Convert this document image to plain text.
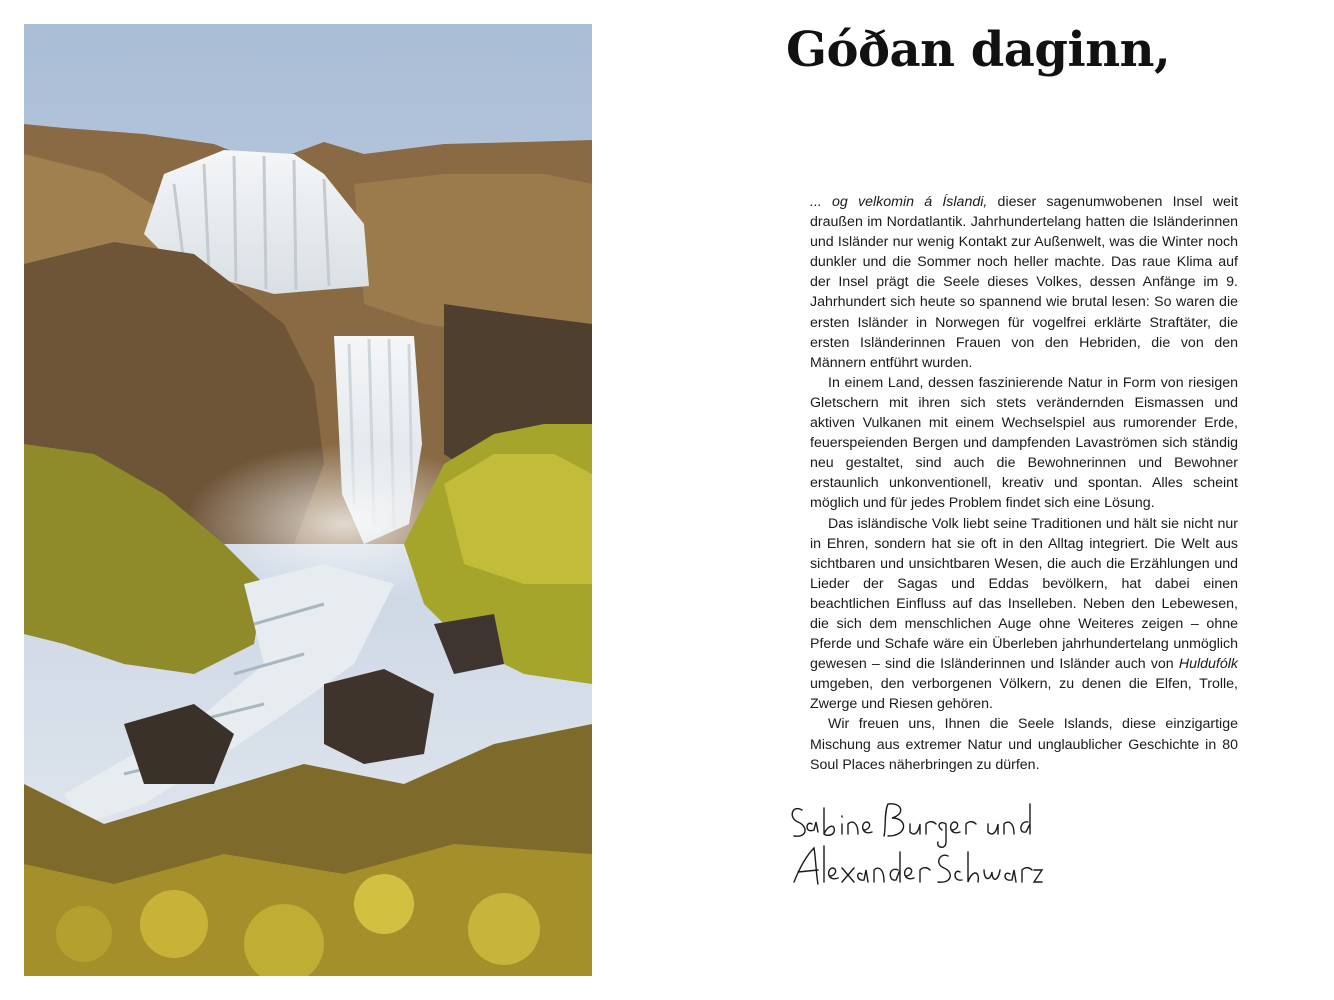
Góðan daginn,

... og velkomin á Íslandi, dieser sagenumwobenen Insel weit draußen im Nordatlantik. Jahrhundertelang hatten die Isländerinnen und Isländer nur wenig Kontakt zur Außenwelt, was die Winter noch dunkler und die Sommer noch heller machte. Das raue Klima auf der Insel prägt die Seele dieses Volkes, dessen Anfänge im 9. Jahrhundert sich heute so spannend wie brutal lesen: So waren die ersten Isländer in Norwegen für vogelfrei erklärte Straftäter, die ersten Isländerinnen Frauen von den Hebriden, die von den Männern entführt wurden.

In einem Land, dessen faszinierende Natur in Form von riesigen Gletschern mit ihren sich stets verändernden Eismassen und aktiven Vulkanen mit einem Wechselspiel aus rumorender Erde, feuerspeienden Bergen und dampfenden Lavaströmen sich ständig neu gestaltet, sind auch die Bewohnerinnen und Bewohner erstaunlich unkonventionell, kreativ und spontan. Alles scheint möglich und für jedes Problem findet sich eine Lösung.

Das isländische Volk liebt seine Traditionen und hält sie nicht nur in Ehren, sondern hat sie oft in den Alltag integriert. Die Welt aus sichtbaren und unsichtbaren Wesen, die auch die Erzählungen und Lieder der Sagas und Eddas bevölkern, hat dabei einen beachtlichen Einfluss auf das Inselleben. Neben den Lebewesen, die sich dem menschlichen Auge ohne Weiteres zeigen – ohne Pferde und Schafe wäre ein Überleben jahrhundertelang unmöglich gewesen – sind die Isländerinnen und Isländer auch von Huldufólk umgeben, den verborgenen Völkern, zu denen die Elfen, Trolle, Zwerge und Riesen gehören.

Wir freuen uns, Ihnen die Seele Islands, diese einzigartige Mischung aus extremer Natur und unglaublicher Geschichte in 80 Soul Places näherbringen zu dürfen.
